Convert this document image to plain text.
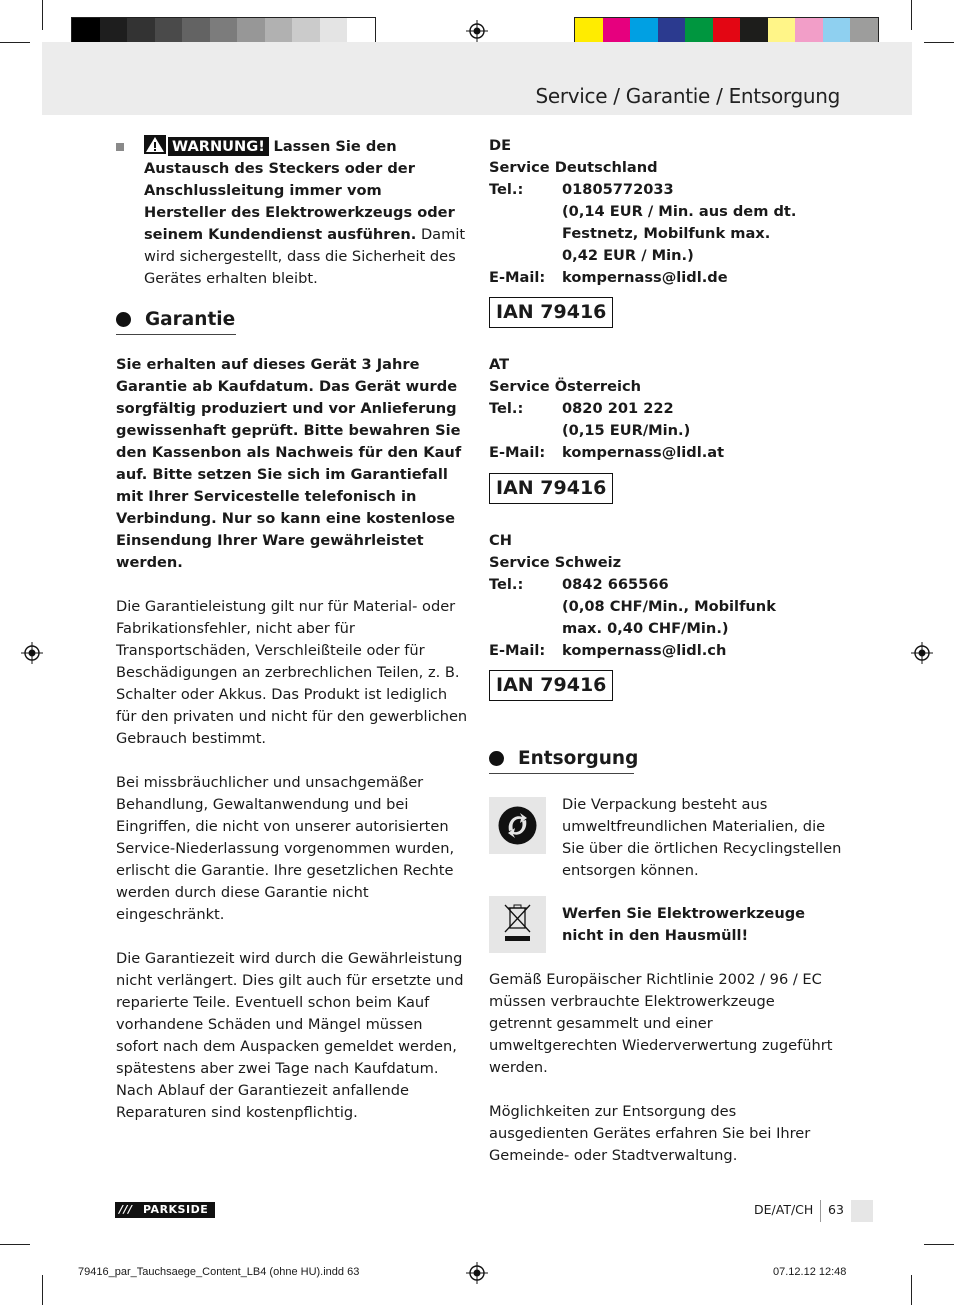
Service / Garantie / Entsorgung
WARNUNG! Lassen Sie den Austausch des Steckers oder der Anschlussleitung immer vom Hersteller des Elektrowerkzeugs oder seinem Kundendienst ausführen. Damit wird sichergestellt, dass die Sicherheit des Gerätes erhalten bleibt.
Garantie

Sie erhalten auf dieses Gerät 3 Jahre Garantie ab Kaufdatum. Das Gerät wurde sorgfältig produziert und vor Anlieferung gewissenhaft geprüft. Bitte bewahren Sie den Kassenbon als Nachweis für den Kauf auf. Bitte setzen Sie sich im Garantiefall mit Ihrer Servicestelle telefonisch in Verbindung. Nur so kann eine kostenlose Einsendung Ihrer Ware gewährleistet werden.

Die Garantieleistung gilt nur für Material- oder Fabrikationsfehler, nicht aber für Transportschäden, Verschleißteile oder für Beschädigungen an zerbrechlichen Teilen, z. B. Schalter oder Akkus. Das Produkt ist lediglich für den privaten und nicht für den gewerblichen Gebrauch bestimmt.

Bei missbräuchlicher und unsachgemäßer Behandlung, Gewaltanwendung und bei Eingriffen, die nicht von unserer autorisierten Service-Niederlassung vorgenommen wurden, erlischt die Garantie. Ihre gesetzlichen Rechte werden durch diese Garantie nicht eingeschränkt.

Die Garantiezeit wird durch die Gewährleistung nicht verlängert. Dies gilt auch für ersetzte und reparierte Teile. Eventuell schon beim Kauf vorhandene Schäden und Mängel müssen sofort nach dem Auspacken gemeldet werden, spätestens aber zwei Tage nach Kaufdatum. Nach Ablauf der Garantiezeit anfallende Reparaturen sind kostenpflichtig.

DE

Service Deutschland

Tel.:	01805772033
(0,14 EUR / Min. aus dem dt. Festnetz, Mobilfunk max. 0,42 EUR / Min.)
E-Mail:	kompernass@lidl.de
IAN 79416

AT

Service Österreich

Tel.:	0820 201 222
(0,15 EUR/Min.)
E-Mail:	kompernass@lidl.at
IAN 79416

CH

Service Schweiz

Tel.:	0842 665566
(0,08 CHF/Min., Mobilfunk max. 0,40 CHF/Min.)
E-Mail:	kompernass@lidl.ch
IAN 79416
Entsorgung
Die Verpackung besteht aus umweltfreundlichen Materialien, die Sie über die örtlichen Recyclingstellen entsorgen können.
Werfen Sie Elektrowerkzeuge nicht in den Hausmüll!

Gemäß Europäischer Richtlinie 2002 / 96 / EC müssen verbrauchte Elektrowerkzeuge getrennt gesammelt und einer umweltgerechten Wiederverwertung zugeführt werden.

Möglichkeiten zur Entsorgung des ausgedienten Gerätes erfahren Sie bei Ihrer Gemeinde- oder Stadtverwaltung.

/// PARKSIDE	DE/AT/CH 63
79416_par_Tauchsaege_Content_LB4 (ohne HU).indd 63	07.12.12 12:48
